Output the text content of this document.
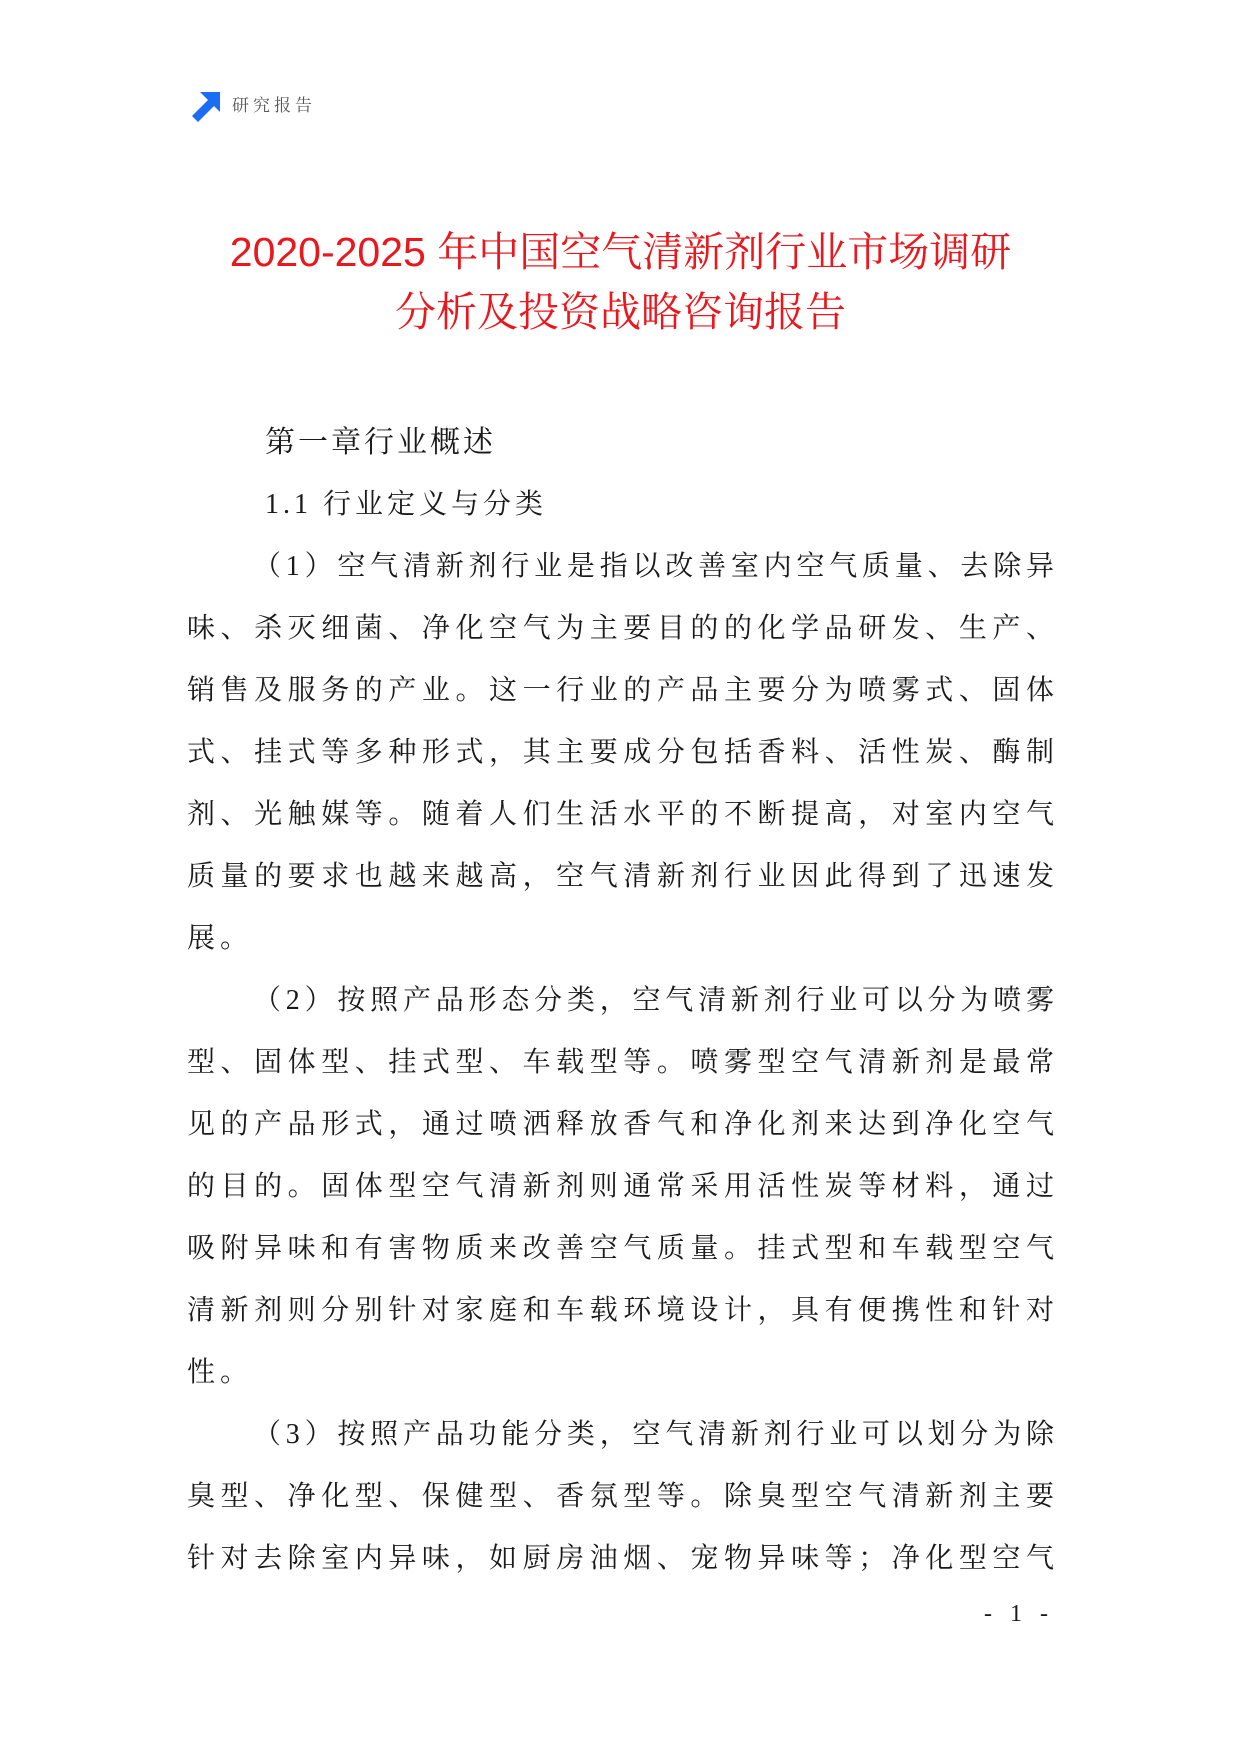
研究报告
2020-2025 年中国空气清新剂行业市场调研
分析及投资战略咨询报告
第一章行业概述
1.1 行业定义与分类
（1）空气清新剂行业是指以改善室内空气质量、去除异
味、杀灭细菌、净化空气为主要目的的化学品研发、生产、
销售及服务的产业。这一行业的产品主要分为喷雾式、固体
式、挂式等多种形式，其主要成分包括香料、活性炭、酶制
剂、光触媒等。随着人们生活水平的不断提高，对室内空气
质量的要求也越来越高，空气清新剂行业因此得到了迅速发
展。
（2）按照产品形态分类，空气清新剂行业可以分为喷雾
型、固体型、挂式型、车载型等。喷雾型空气清新剂是最常
见的产品形式，通过喷洒释放香气和净化剂来达到净化空气
的目的。固体型空气清新剂则通常采用活性炭等材料，通过
吸附异味和有害物质来改善空气质量。挂式型和车载型空气
清新剂则分别针对家庭和车载环境设计，具有便携性和针对
性。
（3）按照产品功能分类，空气清新剂行业可以划分为除
臭型、净化型、保健型、香氛型等。除臭型空气清新剂主要
针对去除室内异味，如厨房油烟、宠物异味等；净化型空气
- 1 -
